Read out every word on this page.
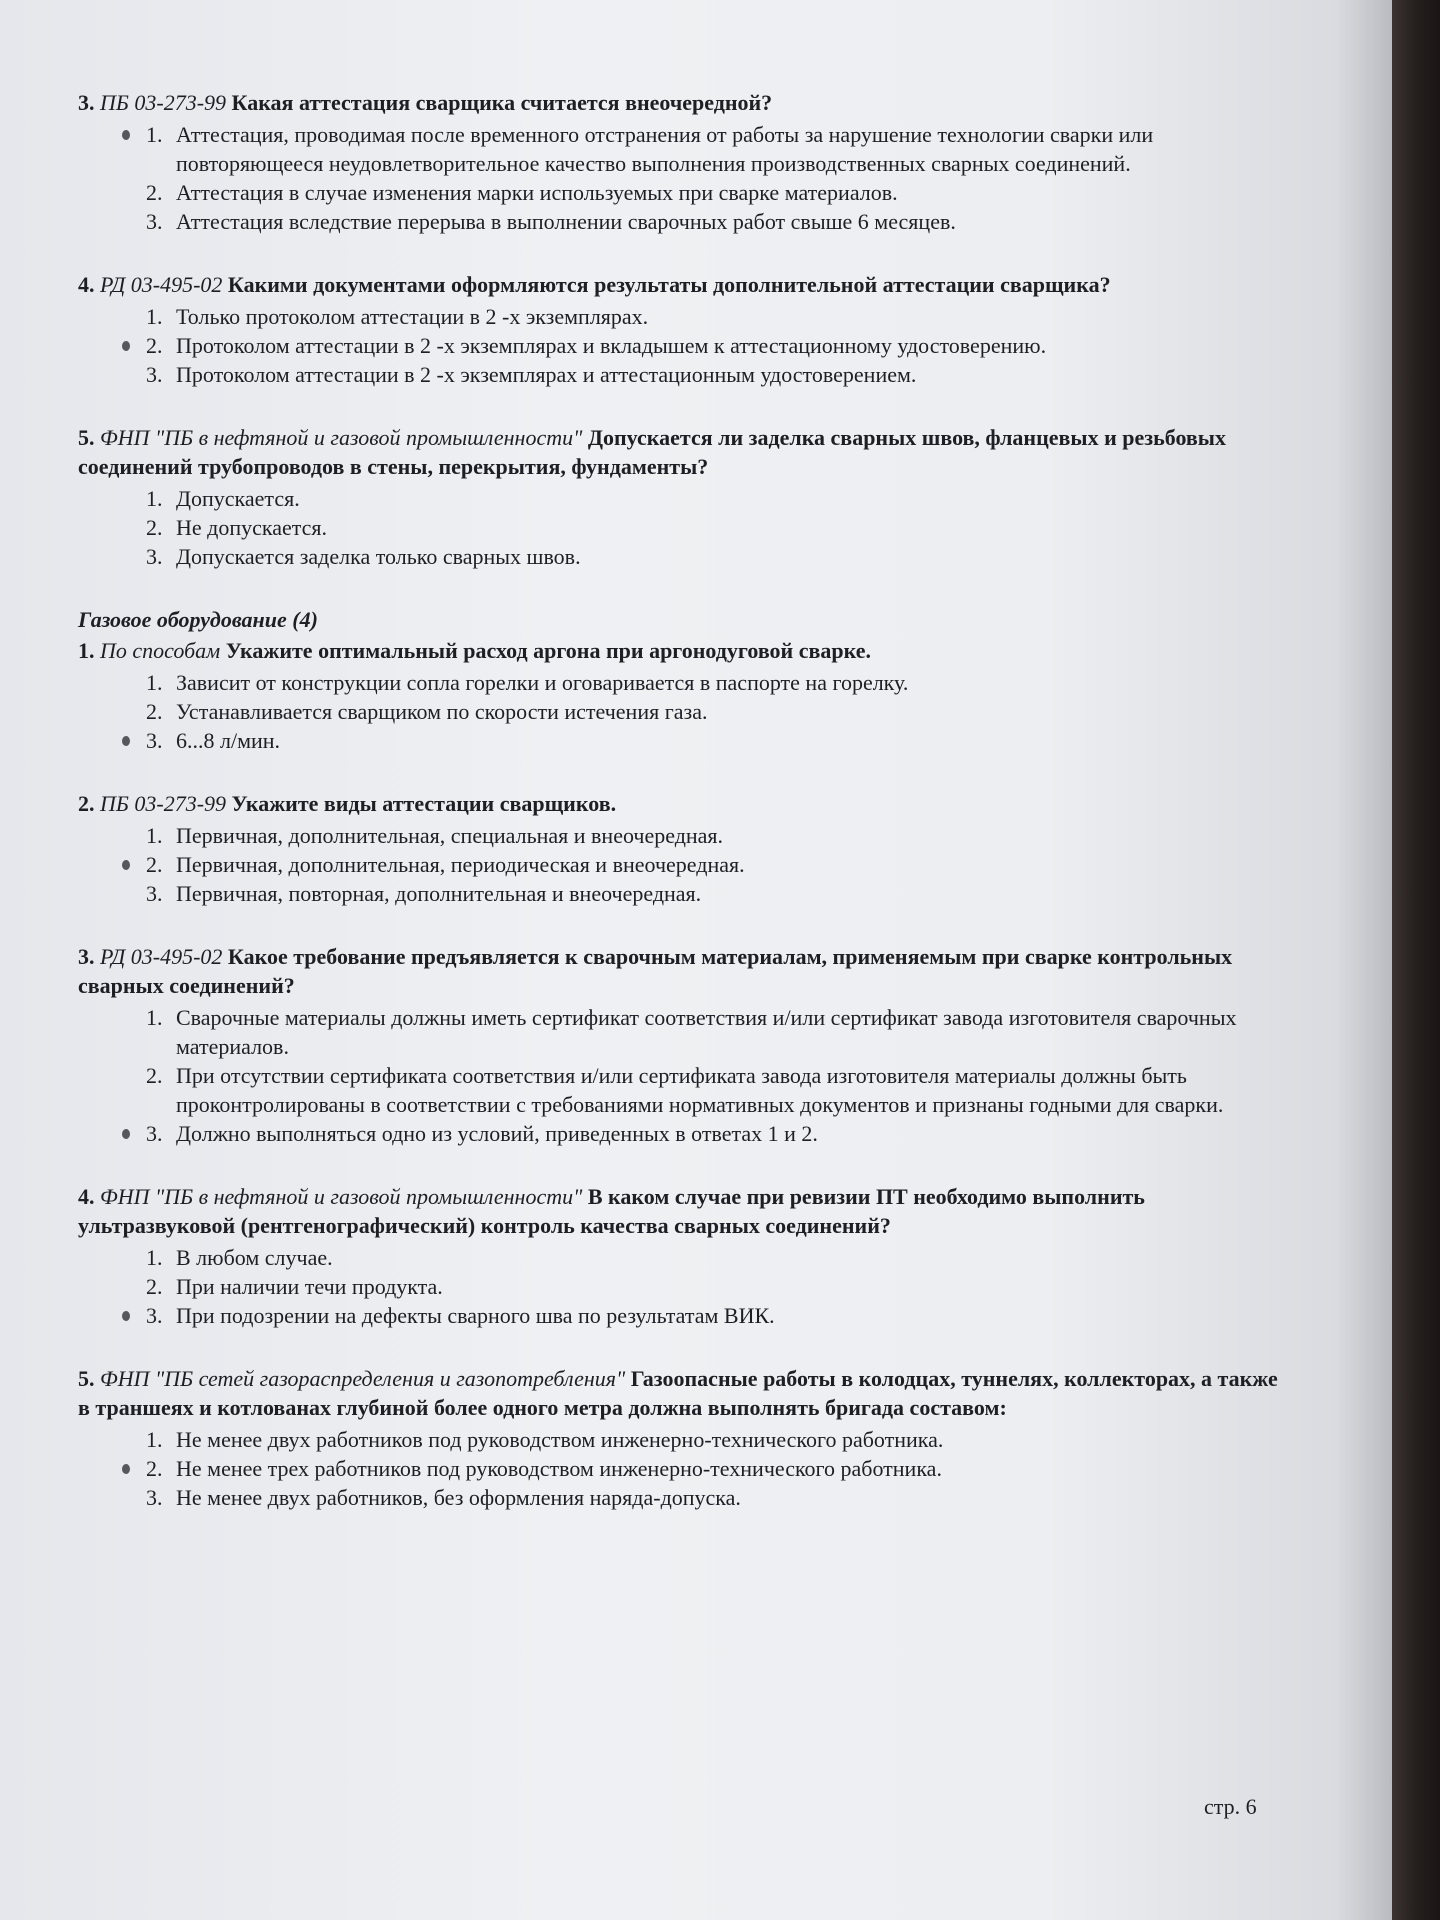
3. ПБ 03-273-99 Какая аттестация сварщика считается внеочередной?
1. Аттестация, проводимая после временного отстранения от работы за нарушение технологии сварки или повторяющееся неудовлетворительное качество выполнения производственных сварных соединений.
2. Аттестация в случае изменения марки используемых при сварке материалов.
3. Аттестация вследствие перерыва в выполнении сварочных работ свыше 6 месяцев.
4. РД 03-495-02 Какими документами оформляются результаты дополнительной аттестации сварщика?
1. Только протоколом аттестации в 2 -х экземплярах.
2. Протоколом аттестации в 2 -х экземплярах и вкладышем к аттестационному удостоверению.
3. Протоколом аттестации в 2 -х экземплярах и аттестационным удостоверением.
5. ФНП "ПБ в нефтяной и газовой промышленности" Допускается ли заделка сварных швов, фланцевых и резьбовых соединений трубопроводов в стены, перекрытия, фундаменты?
1. Допускается.
2. Не допускается.
3. Допускается заделка только сварных швов.
Газовое оборудование (4)
1. По способам Укажите оптимальный расход аргона при аргонодуговой сварке.
1. Зависит от конструкции сопла горелки и оговаривается в паспорте на горелку.
2. Устанавливается сварщиком по скорости истечения газа.
3. 6...8 л/мин.
2. ПБ 03-273-99 Укажите виды аттестации сварщиков.
1. Первичная, дополнительная, специальная и внеочередная.
2. Первичная, дополнительная, периодическая и внеочередная.
3. Первичная, повторная, дополнительная и внеочередная.
3. РД 03-495-02 Какое требование предъявляется к сварочным материалам, применяемым при сварке контрольных сварных соединений?
1. Сварочные материалы должны иметь сертификат соответствия и/или сертификат завода изготовителя сварочных материалов.
2. При отсутствии сертификата соответствия и/или сертификата завода изготовителя материалы должны быть проконтролированы в соответствии с требованиями нормативных документов и признаны годными для сварки.
3. Должно выполняться одно из условий, приведенных в ответах 1 и 2.
4. ФНП "ПБ в нефтяной и газовой промышленности" В каком случае при ревизии ПТ необходимо выполнить ультразвуковой (рентгенографический) контроль качества сварных соединений?
1. В любом случае.
2. При наличии течи продукта.
3. При подозрении на дефекты сварного шва по результатам ВИК.
5. ФНП "ПБ сетей газораспределения и газопотребления" Газоопасные работы в колодцах, туннелях, коллекторах, а также в траншеях и котлованах глубиной более одного метра должна выполнять бригада составом:
1. Не менее двух работников под руководством инженерно-технического работника.
2. Не менее трех работников под руководством инженерно-технического работника.
3. Не менее двух работников, без оформления наряда-допуска.
стр. 6
